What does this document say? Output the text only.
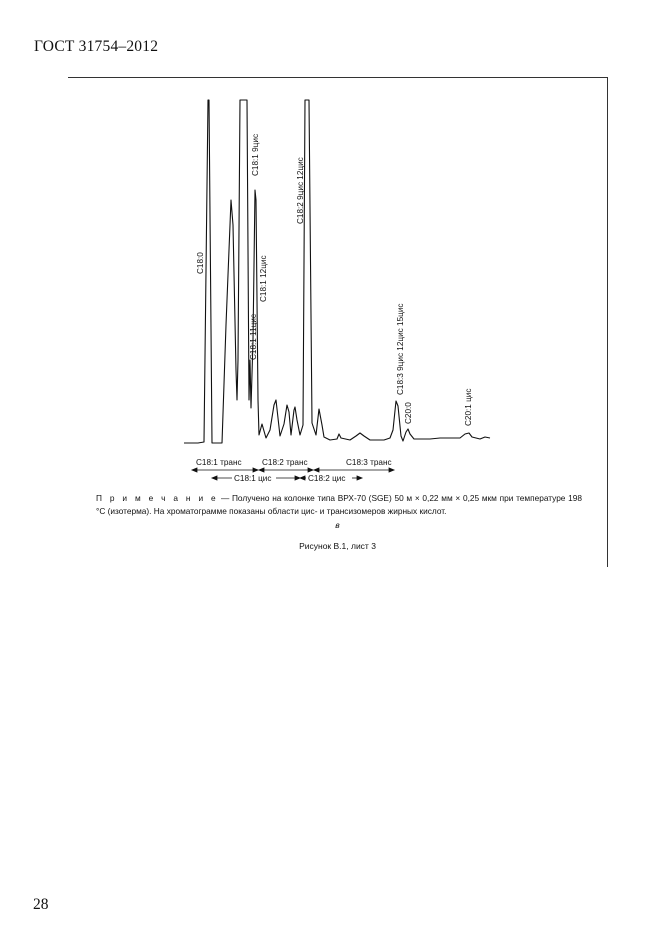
ГОСТ 31754–2012
C18:0
C18:1 9цис
C18:1 11цис
C18:1 12цис
C18:2 9цис 12цис
C18:3 9цис 12цис 15цис
C20:0	C20:1 цис
C18:1 транс C18:2 транс	C18:3 транс
C18:1 цис	C18:2 цис
П р и м е ч а н и е — Получено на колонке типа ВРХ-70 (SGE) 50 м × 0,22 мм × 0,25 мкм при температуре 198 °С (изотерма). На хроматограмме показаны области цис- и трансизомеров жирных кислот.
в
Рисунок В.1, лист 3
28
